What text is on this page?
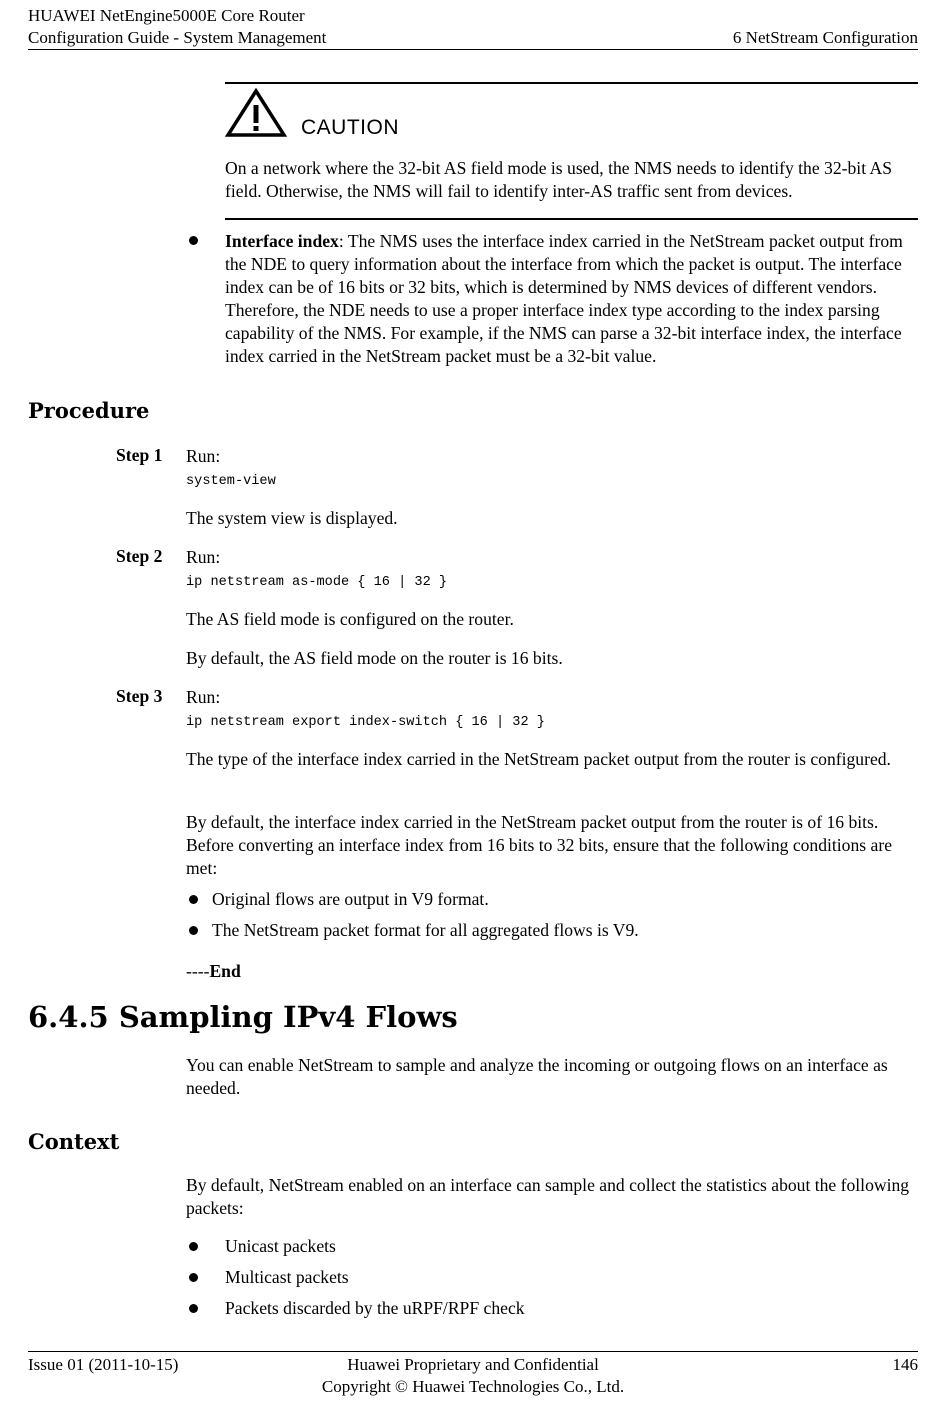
HUAWEI NetEngine5000E Core Router
Configuration Guide - System Management	6 NetStream Configuration
CAUTION
On a network where the 32-bit AS field mode is used, the NMS needs to identify the 32-bit AS field. Otherwise, the NMS will fail to identify inter-AS traffic sent from devices.
Interface index: The NMS uses the interface index carried in the NetStream packet output from the NDE to query information about the interface from which the packet is output. The interface index can be of 16 bits or 32 bits, which is determined by NMS devices of different vendors. Therefore, the NDE needs to use a proper interface index type according to the index parsing capability of the NMS. For example, if the NMS can parse a 32-bit interface index, the interface index carried in the NetStream packet must be a 32-bit value.
Procedure
Step 1 Run:
system-view
The system view is displayed.
Step 2 Run:
ip netstream as-mode { 16 | 32 }
The AS field mode is configured on the router.
By default, the AS field mode on the router is 16 bits.
Step 3 Run:
ip netstream export index-switch { 16 | 32 }
The type of the interface index carried in the NetStream packet output from the router is configured.
By default, the interface index carried in the NetStream packet output from the router is of 16 bits. Before converting an interface index from 16 bits to 32 bits, ensure that the following conditions are met:
Original flows are output in V9 format.
The NetStream packet format for all aggregated flows is V9.
----End
6.4.5 Sampling IPv4 Flows
You can enable NetStream to sample and analyze the incoming or outgoing flows on an interface as needed.
Context
By default, NetStream enabled on an interface can sample and collect the statistics about the following packets:
Unicast packets
Multicast packets
Packets discarded by the uRPF/RPF check
Issue 01 (2011-10-15)	Huawei Proprietary and Confidential
Copyright © Huawei Technologies Co., Ltd.
146
